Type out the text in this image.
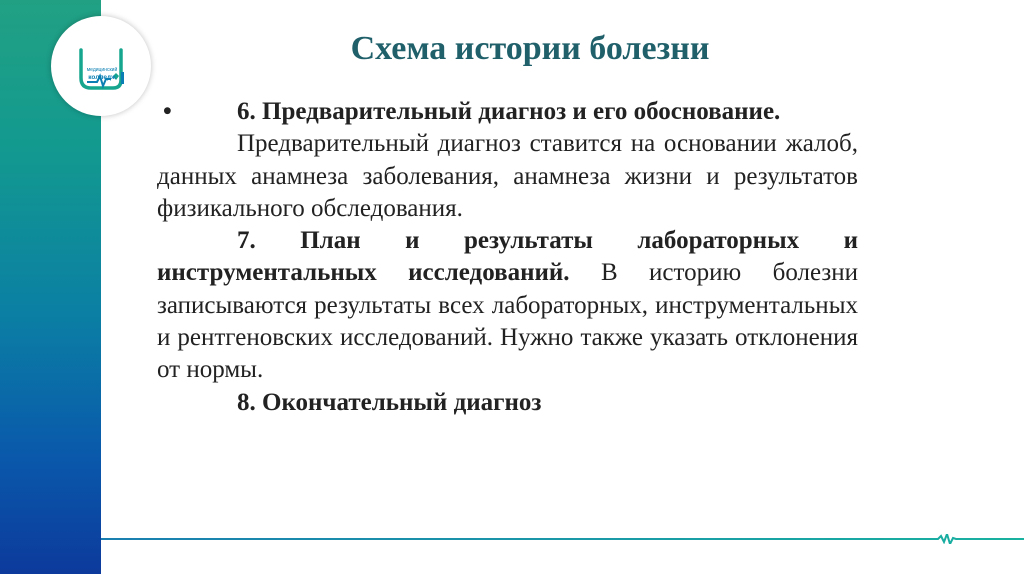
медицинский
колледж
Схема истории болезни

•	6. Предварительный диагноз и его обоснование.

Предварительный диагноз ставится на основании жалоб, данных анамнеза заболевания, анамнеза жизни и результатов физикального обследования.

7. План и результаты лабораторных и инструментальных исследований. В историю болезни записываются результаты всех лабораторных, инструментальных и рентгеновских исследований. Нужно также указать отклонения от нормы.

8. Окончательный диагноз
